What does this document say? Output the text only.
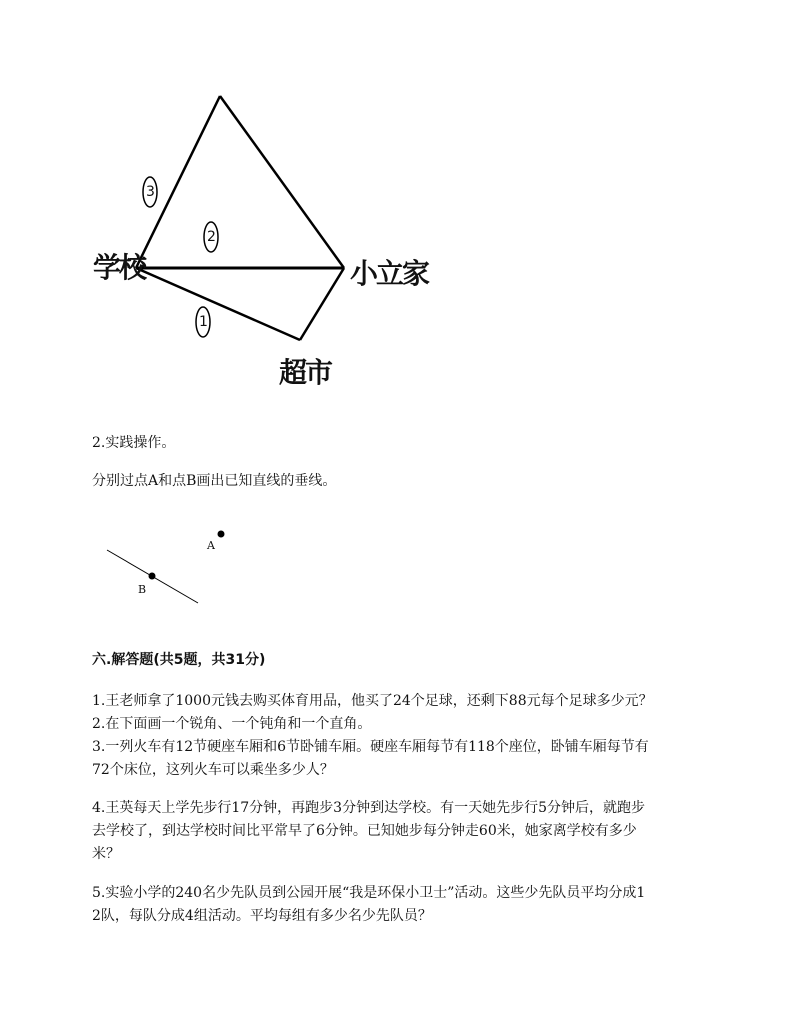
3
2
1
学校	小立家
超市
2.实践操作。
分别过点A和点B画出已知直线的垂线。
A
B
六.解答题(共5题，共31分)
1.王老师拿了1000元钱去购买体育用品，他买了24个足球，还剩下88元每个足球多少元？
2.在下面画一个锐角、一个钝角和一个直角。
3.一列火车有12节硬座车厢和6节卧铺车厢。硬座车厢每节有118个座位，卧铺车厢每节有
72个床位，这列火车可以乘坐多少人？
4.王英每天上学先步行17分钟，再跑步3分钟到达学校。有一天她先步行5分钟后，就跑步
去学校了，到达学校时间比平常早了6分钟。已知她步每分钟走60米，她家离学校有多少
米？
5.实验小学的240名少先队员到公园开展“我是环保小卫士”活动。这些少先队员平均分成1
2队，每队分成4组活动。平均每组有多少名少先队员？
